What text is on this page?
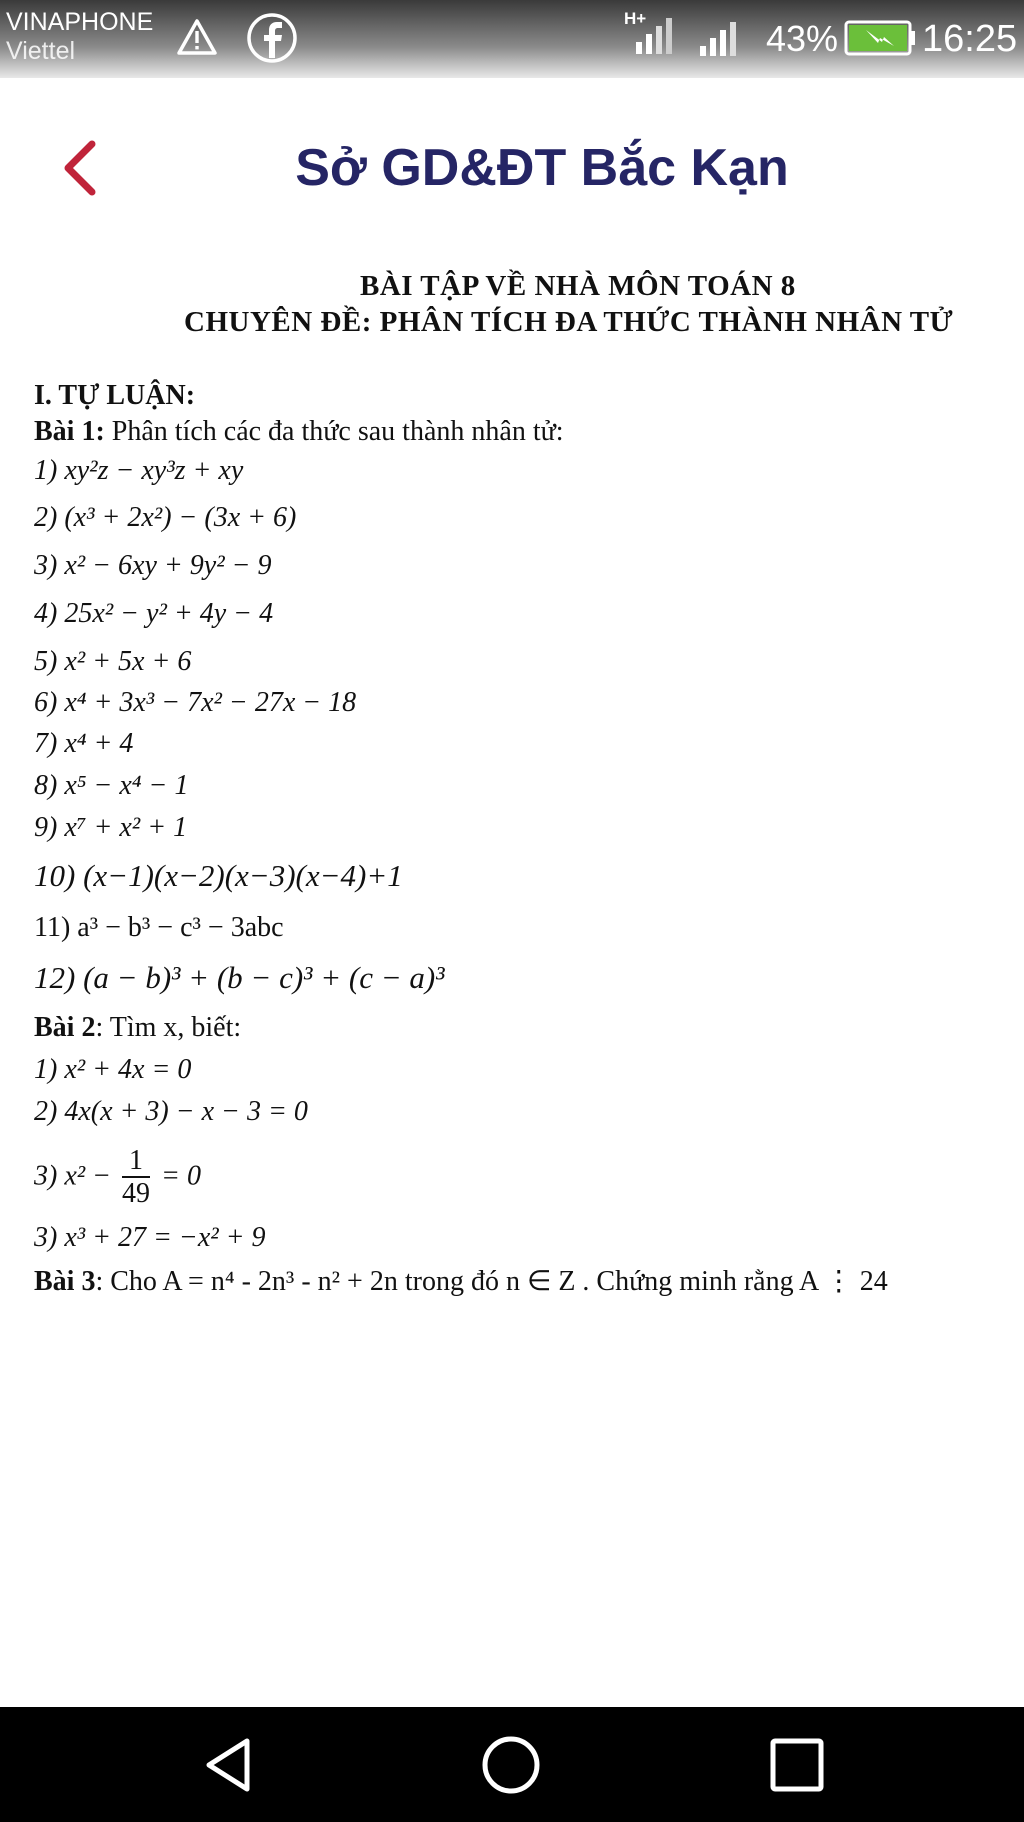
VINAPHONE
Viettel
H+	43% 16:25
Sở GD&ĐT Bắc Kạn
BÀI TẬP VỀ NHÀ MÔN TOÁN 8
CHUYÊN ĐỀ: PHÂN TÍCH ĐA THỨC THÀNH NHÂN TỬ
I. TỰ LUẬN:
Bài 1: Phân tích các đa thức sau thành nhân tử:
1) xy²z − xy³z + xy
2) (x³ + 2x²) − (3x + 6)
3) x² − 6xy + 9y² − 9
4) 25x² − y² + 4y − 4
5) x² + 5x + 6
6) x⁴ + 3x³ − 7x² − 27x − 18
7) x⁴ + 4
8) x⁵ − x⁴ − 1
9) x⁷ + x² + 1
10) (x−1)(x−2)(x−3)(x−4)+1
11) a³ − b³ − c³ − 3abc
12) (a − b)³ + (b − c)³ + (c − a)³
Bài 2: Tìm x, biết:
1) x² + 4x = 0
2) 4x(x + 3) − x − 3 = 0
3) $x^2 - \frac{1}{49} = 0$
3) x³ + 27 = −x² + 9
Bài 3: Cho A = n⁴ - 2n³ - n² + 2n trong đó n ∈ Z . Chứng minh rằng A ⋮ 24
